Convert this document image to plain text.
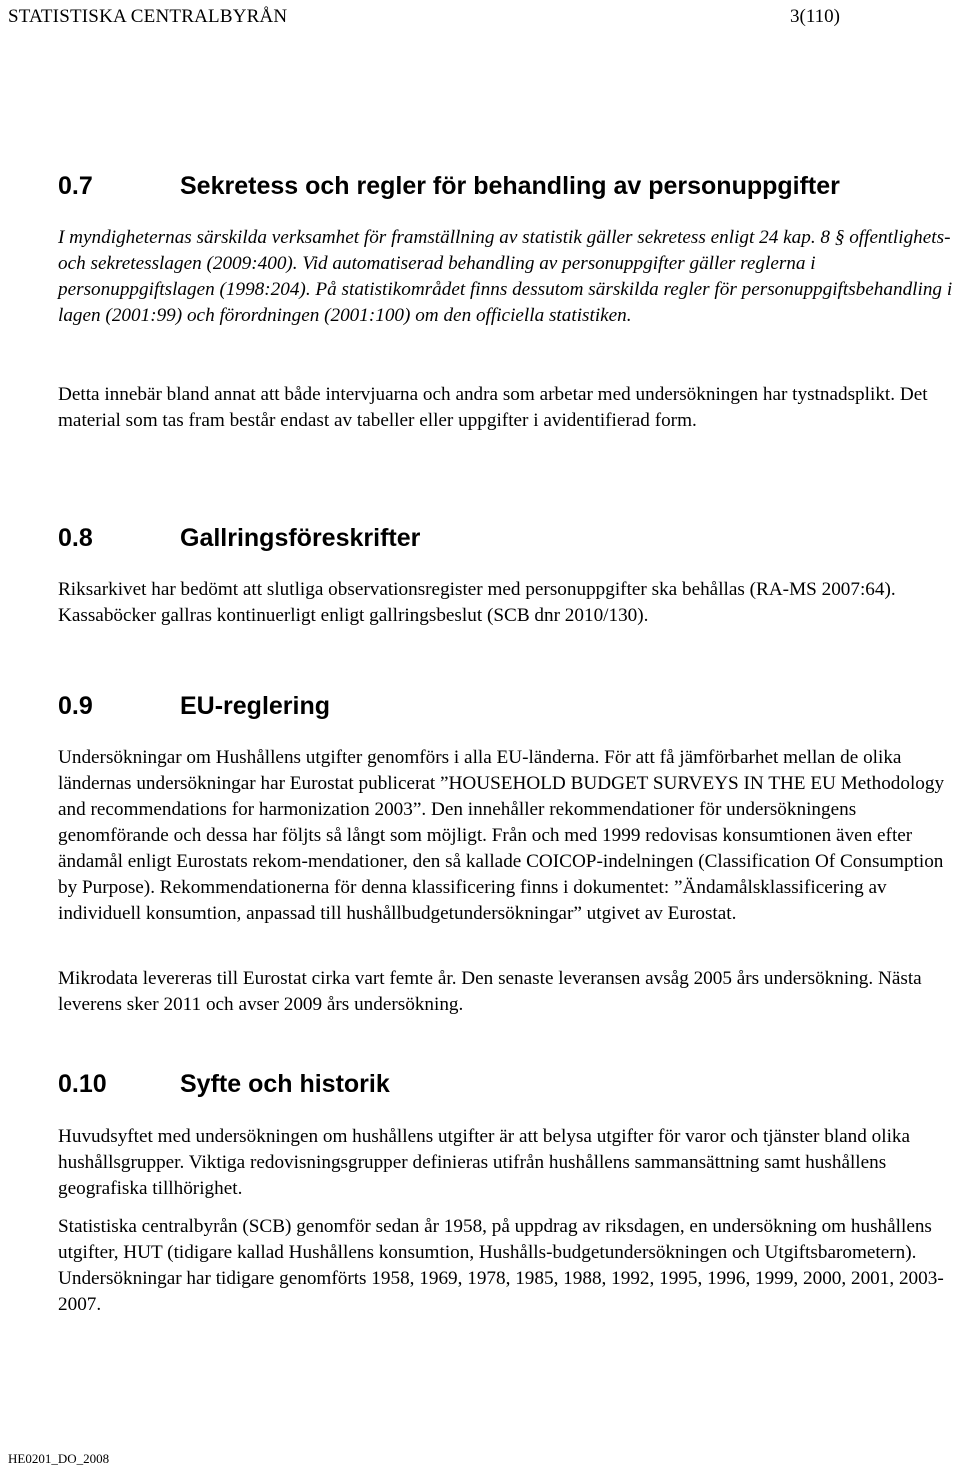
STATISTISKA CENTRALBYRÅN	3(110)
0.7	Sekretess och regler för behandling av personuppgifter

I myndigheternas särskilda verksamhet för framställning av statistik gäller sekretess enligt 24 kap. 8 § offentlighets- och sekretesslagen (2009:400). Vid automatiserad behandling av personuppgifter gäller reglerna i personuppgiftslagen (1998:204). På statistikområdet finns dessutom särskilda regler för personuppgiftsbehandling i lagen (2001:99) och förordningen (2001:100) om den officiella statistiken.

Detta innebär bland annat att både intervjuarna och andra som arbetar med undersökningen har tystnadsplikt. Det material som tas fram består endast av tabeller eller uppgifter i avidentifierad form.

0.8	Gallringsföreskrifter

Riksarkivet har bedömt att slutliga observationsregister med personuppgifter ska behållas (RA-MS 2007:64). Kassaböcker gallras kontinuerligt enligt gallringsbeslut (SCB dnr 2010/130).

0.9	EU-reglering

Undersökningar om Hushållens utgifter genomförs i alla EU-länderna. För att få jämförbarhet mellan de olika ländernas undersökningar har Eurostat publicerat ”HOUSEHOLD BUDGET SURVEYS IN THE EU Methodology and recommendations for harmonization 2003”. Den innehåller rekommendationer för undersökningens genomförande och dessa har följts så långt som möjligt. Från och med 1999 redovisas konsumtionen även efter ändamål enligt Eurostats rekom-mendationer, den så kallade COICOP-indelningen (Classification Of Consumption by Purpose). Rekommendationerna för denna klassificering finns i dokumentet: ”Ändamålsklassificering av individuell konsumtion, anpassad till hushållbudgetundersökningar” utgivet av Eurostat.

Mikrodata levereras till Eurostat cirka vart femte år. Den senaste leveransen avsåg 2005 års undersökning. Nästa leverens sker 2011 och avser 2009 års undersökning.

0.10	Syfte och historik

Huvudsyftet med undersökningen om hushållens utgifter är att belysa utgifter för varor och tjänster bland olika hushållsgrupper. Viktiga redovisningsgrupper definieras utifrån hushållens sammansättning samt hushållens geografiska tillhörighet.

Statistiska centralbyrån (SCB) genomför sedan år 1958, på uppdrag av riksdagen, en undersökning om hushållens utgifter, HUT (tidigare kallad Hushållens konsumtion, Hushålls-budgetundersökningen och Utgiftsbarometern). Undersökningar har tidigare genomförts 1958, 1969, 1978, 1985, 1988, 1992, 1995, 1996, 1999, 2000, 2001, 2003-2007.

HE0201_DO_2008
